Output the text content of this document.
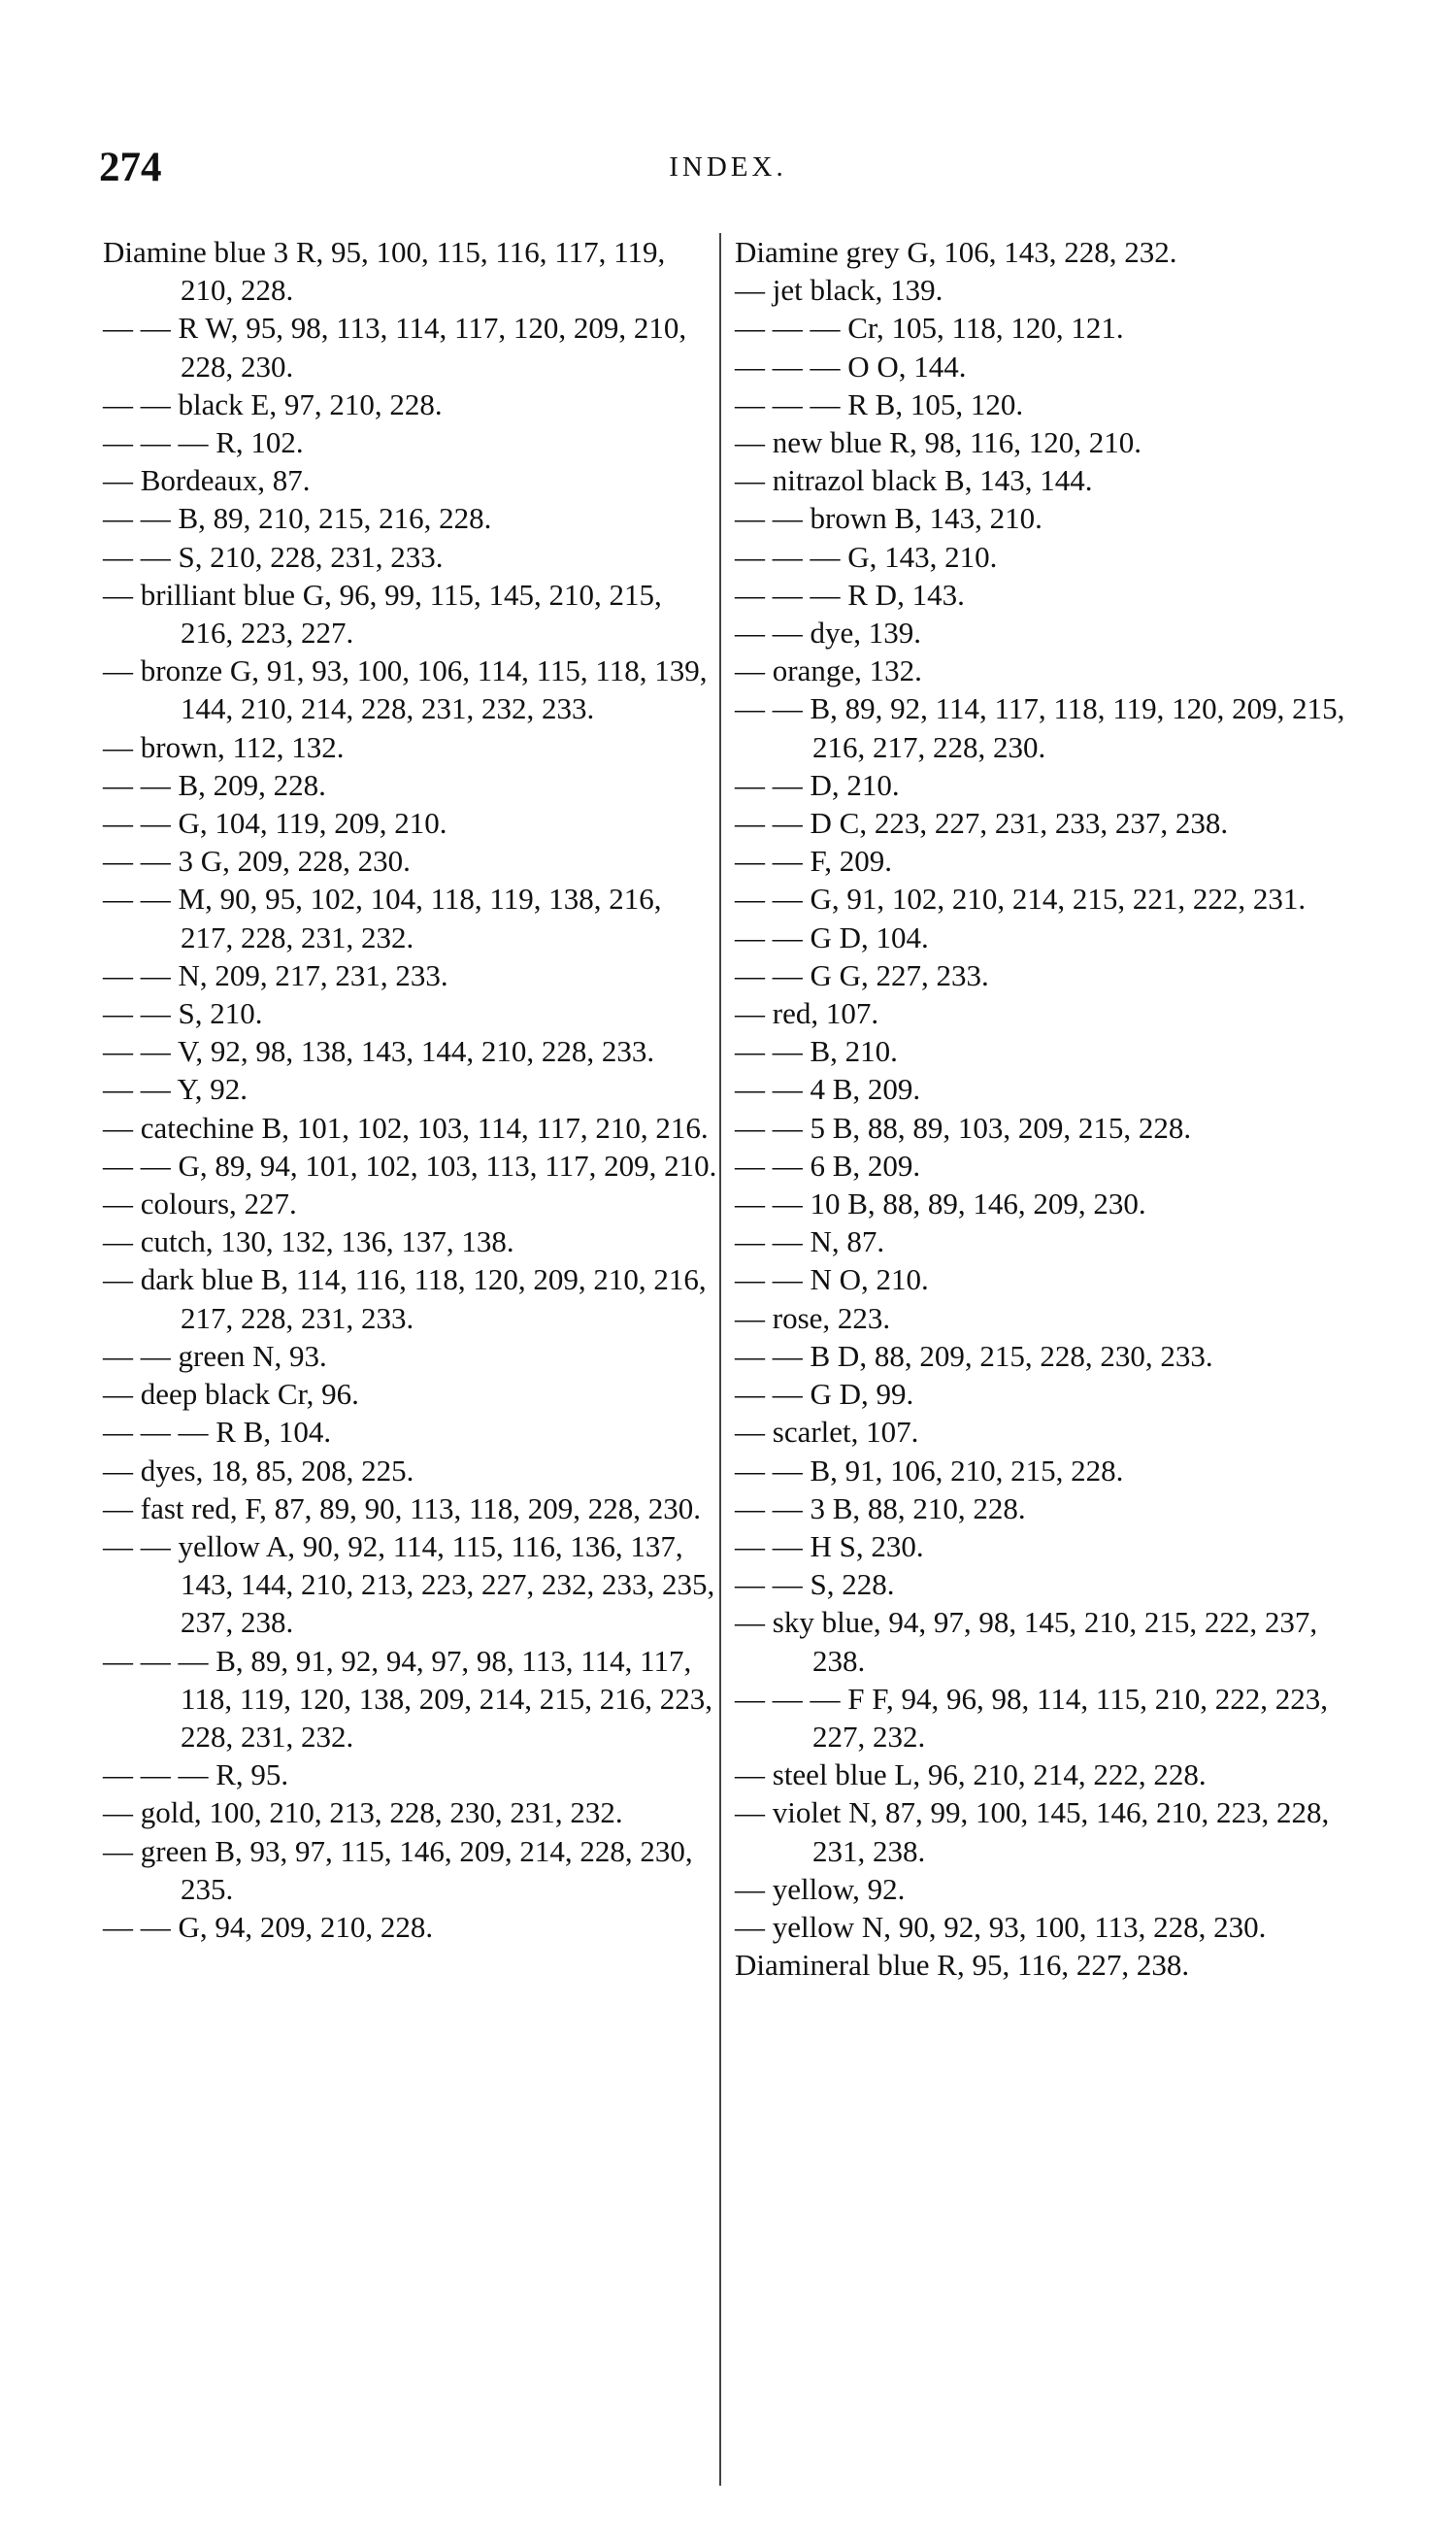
274	INDEX.
Diamine blue 3 R, 95, 100, 115, 116, 117, 119, 210, 228.
— — R W, 95, 98, 113, 114, 117, 120, 209, 210, 228, 230.
— — black E, 97, 210, 228.
— — — R, 102.
— Bordeaux, 87.
— — B, 89, 210, 215, 216, 228.
— — S, 210, 228, 231, 233.
— brilliant blue G, 96, 99, 115, 145, 210, 215, 216, 223, 227.
— bronze G, 91, 93, 100, 106, 114, 115, 118, 139, 144, 210, 214, 228, 231, 232, 233.
— brown, 112, 132.
— — B, 209, 228.
— — G, 104, 119, 209, 210.
— — 3 G, 209, 228, 230.
— — M, 90, 95, 102, 104, 118, 119, 138, 216, 217, 228, 231, 232.
— — N, 209, 217, 231, 233.
— — S, 210.
— — V, 92, 98, 138, 143, 144, 210, 228, 233.
— — Y, 92.
— catechine B, 101, 102, 103, 114, 117, 210, 216.
— — G, 89, 94, 101, 102, 103, 113, 117, 209, 210.
— colours, 227.
— cutch, 130, 132, 136, 137, 138.
— dark blue B, 114, 116, 118, 120, 209, 210, 216, 217, 228, 231, 233.
— — green N, 93.
— deep black Cr, 96.
— — — R B, 104.
— dyes, 18, 85, 208, 225.
— fast red, F, 87, 89, 90, 113, 118, 209, 228, 230.
— — yellow A, 90, 92, 114, 115, 116, 136, 137, 143, 144, 210, 213, 223, 227, 232, 233, 235, 237, 238.
— — — B, 89, 91, 92, 94, 97, 98, 113, 114, 117, 118, 119, 120, 138, 209, 214, 215, 216, 223, 228, 231, 232.
— — — R, 95.
— gold, 100, 210, 213, 228, 230, 231, 232.
— green B, 93, 97, 115, 146, 209, 214, 228, 230, 235.
— — G, 94, 209, 210, 228.
Diamine grey G, 106, 143, 228, 232.
— jet black, 139.
— — — Cr, 105, 118, 120, 121.
— — — O O, 144.
— — — R B, 105, 120.
— new blue R, 98, 116, 120, 210.
— nitrazol black B, 143, 144.
— — brown B, 143, 210.
— — — G, 143, 210.
— — — R D, 143.
— — dye, 139.
— orange, 132.
— — B, 89, 92, 114, 117, 118, 119, 120, 209, 215, 216, 217, 228, 230.
— — D, 210.
— — D C, 223, 227, 231, 233, 237, 238.
— — F, 209.
— — G, 91, 102, 210, 214, 215, 221, 222, 231.
— — G D, 104.
— — G G, 227, 233.
— red, 107.
— — B, 210.
— — 4 B, 209.
— — 5 B, 88, 89, 103, 209, 215, 228.
— — 6 B, 209.
— — 10 B, 88, 89, 146, 209, 230.
— — N, 87.
— — N O, 210.
— rose, 223.
— — B D, 88, 209, 215, 228, 230, 233.
— — G D, 99.
— scarlet, 107.
— — B, 91, 106, 210, 215, 228.
— — 3 B, 88, 210, 228.
— — H S, 230.
— — S, 228.
— sky blue, 94, 97, 98, 145, 210, 215, 222, 237, 238.
— — — F F, 94, 96, 98, 114, 115, 210, 222, 223, 227, 232.
— steel blue L, 96, 210, 214, 222, 228.
— violet N, 87, 99, 100, 145, 146, 210, 223, 228, 231, 238.
— yellow, 92.
— yellow N, 90, 92, 93, 100, 113, 228, 230.
Diamineral blue R, 95, 116, 227, 238.
